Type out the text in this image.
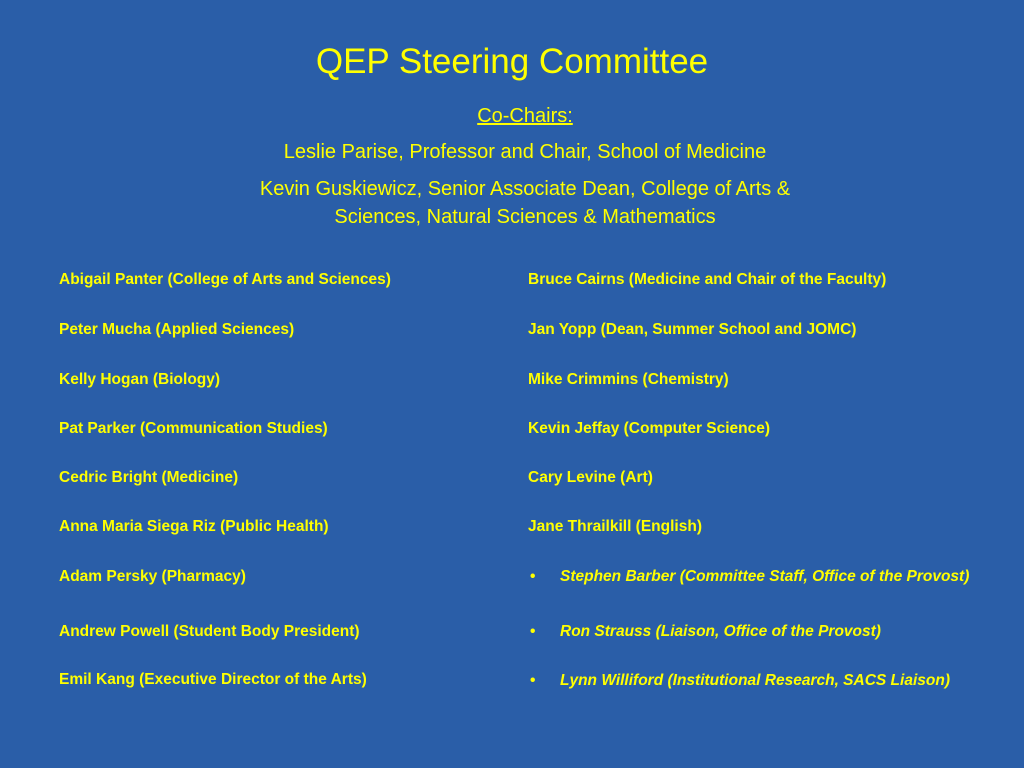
QEP Steering Committee
Co-Chairs:
Leslie Parise, Professor and Chair, School of Medicine
Kevin Guskiewicz, Senior Associate Dean, College of Arts &
Sciences, Natural Sciences & Mathematics
Abigail Panter (College of Arts and Sciences)
Peter Mucha (Applied Sciences)
Kelly Hogan (Biology)
Pat Parker (Communication Studies)
Cedric Bright (Medicine)
Anna Maria Siega Riz (Public Health)
Adam Persky (Pharmacy)
Andrew Powell (Student Body President)
Emil Kang (Executive Director of the Arts)
Bruce Cairns (Medicine and Chair of the Faculty)
Jan Yopp (Dean, Summer School and JOMC)
Mike Crimmins (Chemistry)
Kevin Jeffay (Computer Science)
Cary Levine (Art)
Jane Thrailkill (English)
• Stephen Barber (Committee Staff, Office of the Provost)
• Ron Strauss (Liaison, Office of the Provost)
• Lynn Williford (Institutional Research, SACS Liaison)
